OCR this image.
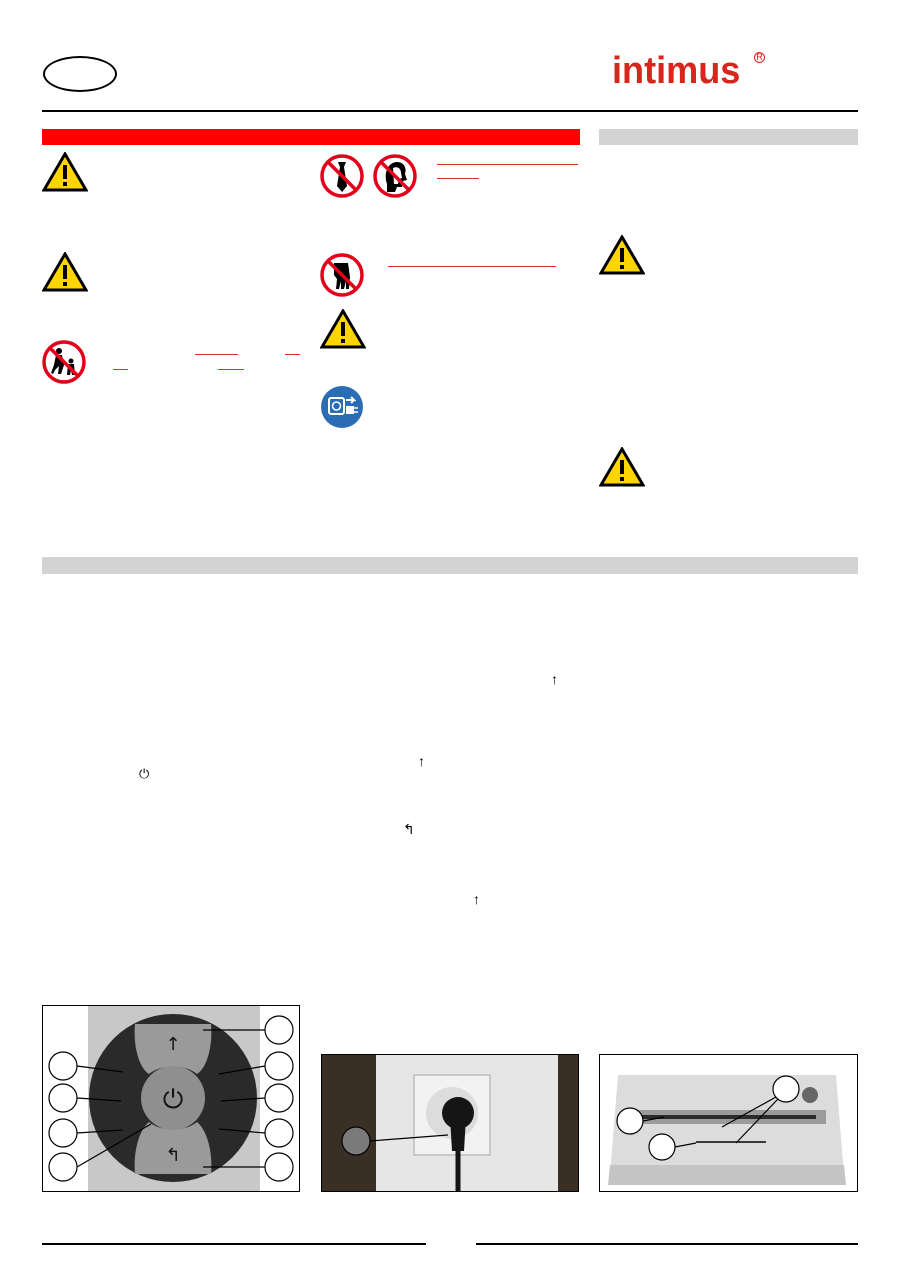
intimus R
↑
↑
⏻
↰
↑
↑
↰
⏻
